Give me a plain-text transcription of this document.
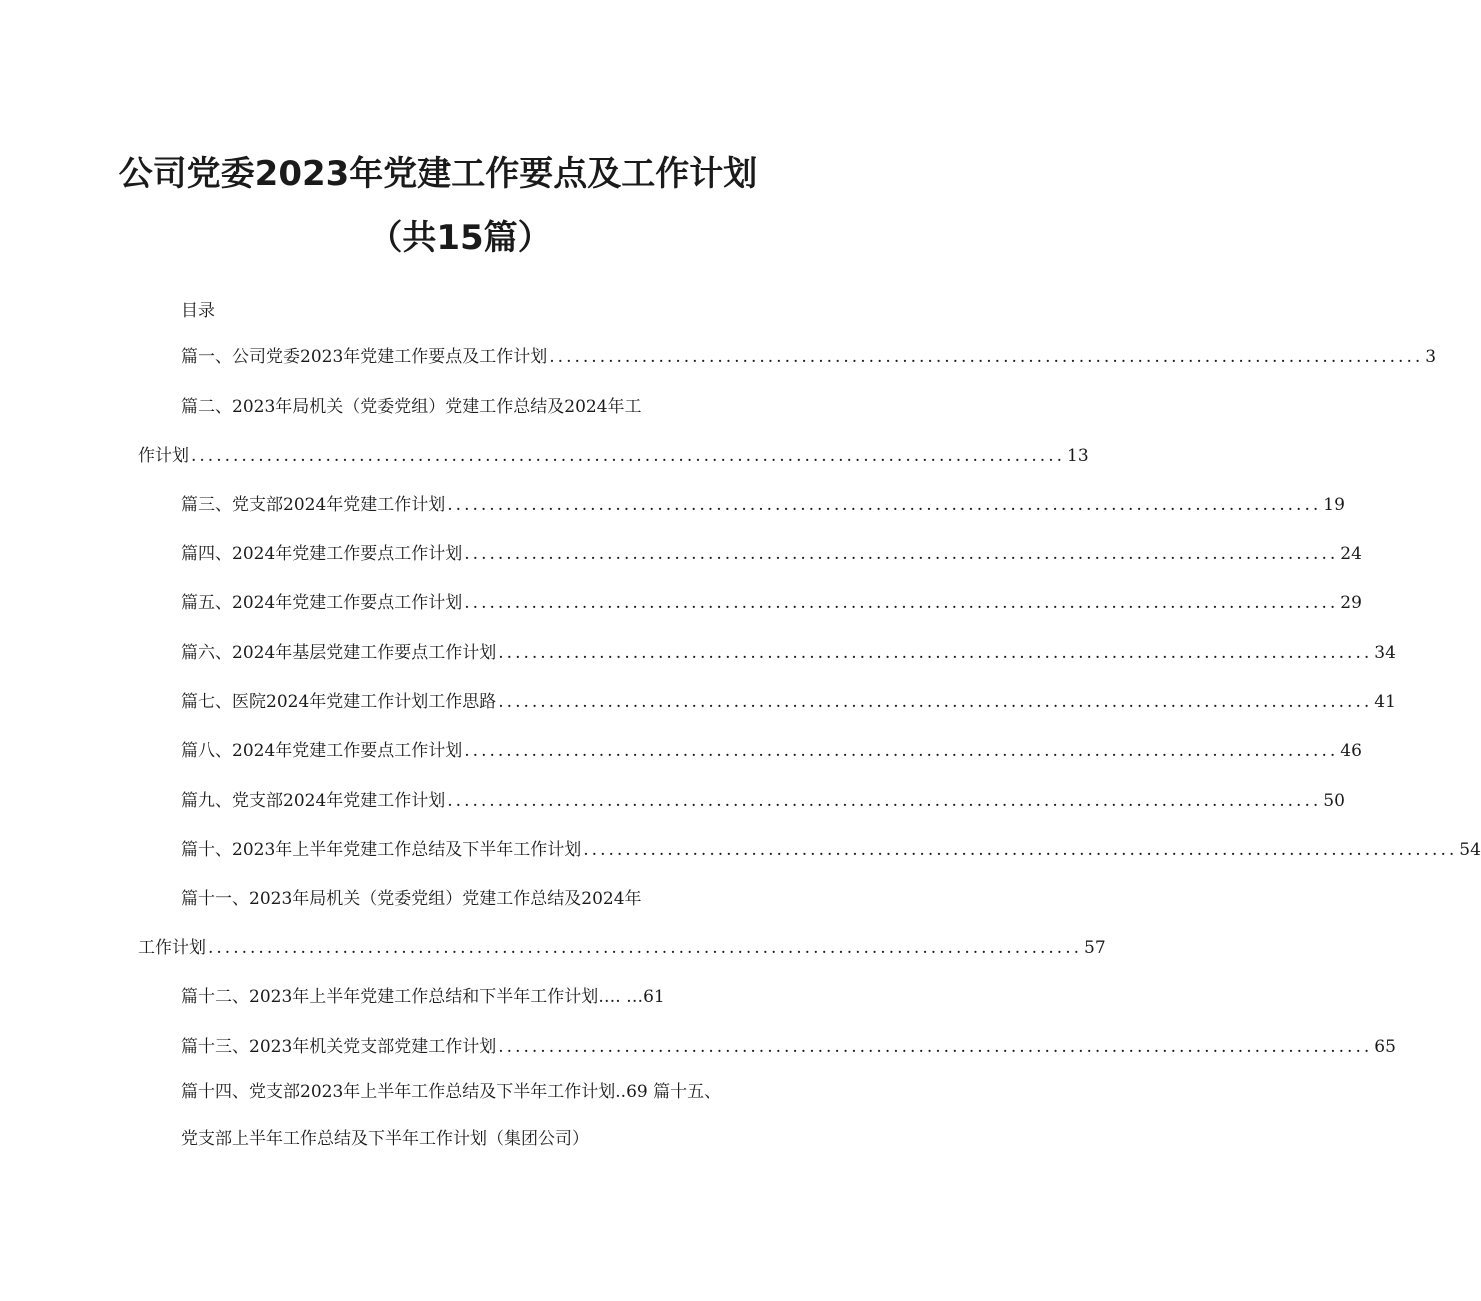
公司党委2023年党建工作要点及工作计划
（共15篇）
目录
篇一、公司党委2023年党建工作要点及工作计划 ........................................................................................................ 3
篇二、2023年局机关（党委党组）党建工作总结及2024年工
作计划 ........................................................................................................ 13
篇三、党支部2024年党建工作计划 ........................................................................................................ 19
篇四、2024年党建工作要点工作计划 ........................................................................................................ 24
篇五、2024年党建工作要点工作计划 ........................................................................................................ 29
篇六、2024年基层党建工作要点工作计划 ........................................................................................................ 34
篇七、医院2024年党建工作计划工作思路 ........................................................................................................ 41
篇八、2024年党建工作要点工作计划 ........................................................................................................ 46
篇九、党支部2024年党建工作计划 ........................................................................................................ 50
篇十、2023年上半年党建工作总结及下半年工作计划 ........................................................................................................ 54
篇十一、2023年局机关（党委党组）党建工作总结及2024年
工作计划 ........................................................................................................ 57
篇十二、2023年上半年党建工作总结和下半年工作计划…. …61
篇十三、2023年机关党支部党建工作计划 ........................................................................................................ 65
篇十四、党支部2023年上半年工作总结及下半年工作计划..69 篇十五、
党支部上半年工作总结及下半年工作计划（集团公司）
